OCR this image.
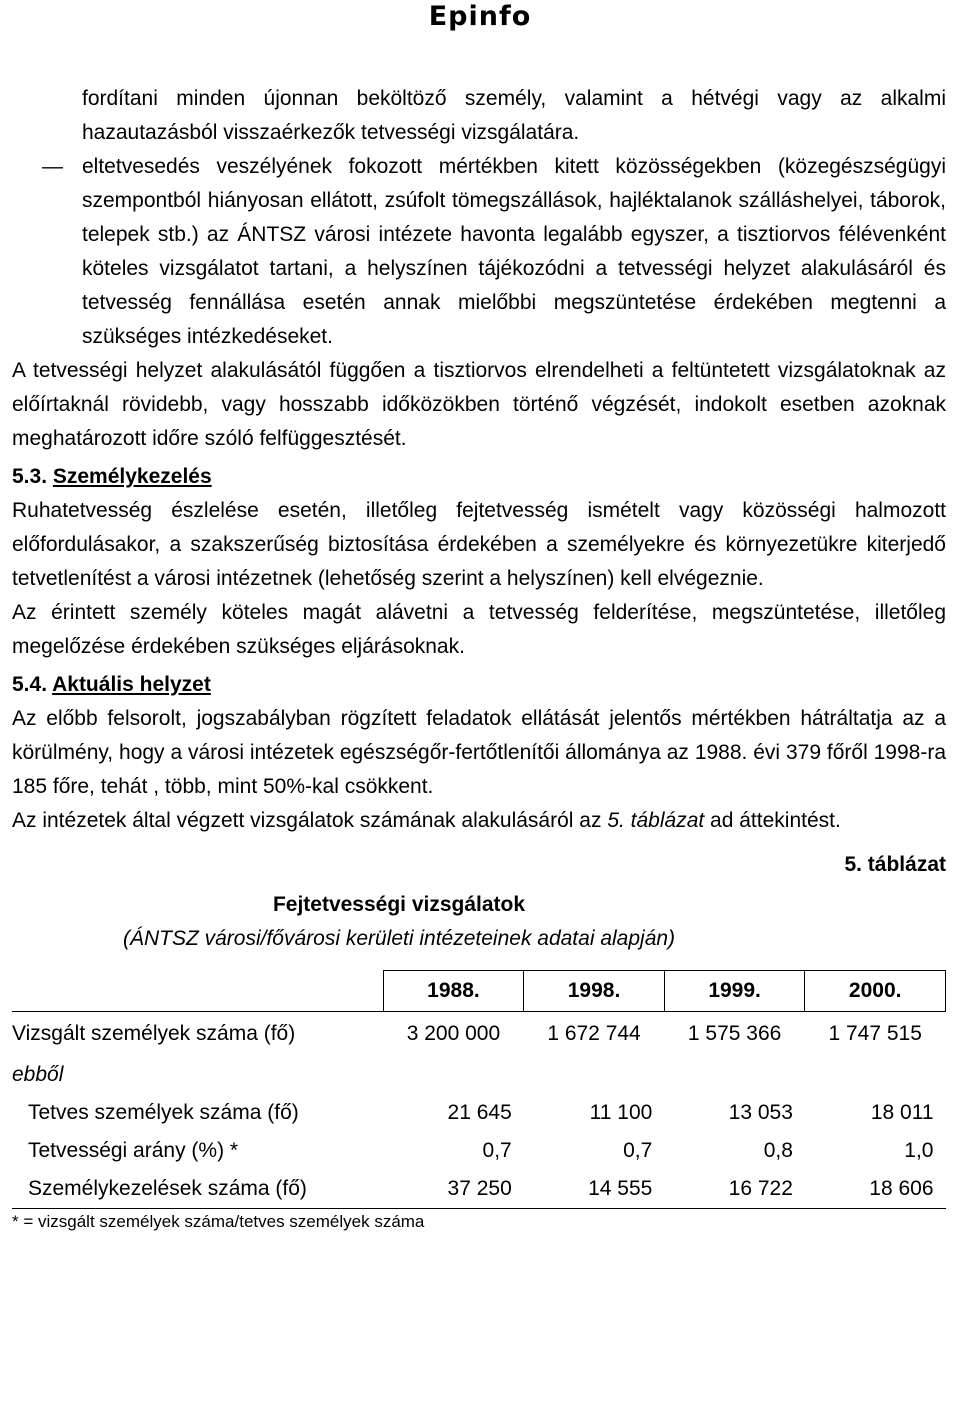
Epinfo

fordítani minden újonnan beköltöző személy, valamint a hétvégi vagy az alkalmi hazautazásból visszaérkezők tetvességi vizsgálatára.

— eltetvesedés veszélyének fokozott mértékben kitett közösségekben (közegészségügyi szempontból hiányosan ellátott, zsúfolt tömegszállások, hajléktalanok szálláshelyei, táborok, telepek stb.) az ÁNTSZ városi intézete havonta legalább egyszer, a tisztiorvos félévenként köteles vizsgálatot tartani, a helyszínen tájékozódni a tetvességi helyzet alakulásáról és tetvesség fennállása esetén annak mielőbbi megszüntetése érdekében megtenni a szükséges intézkedéseket.

A tetvességi helyzet alakulásától függően a tisztiorvos elrendelheti a feltüntetett vizsgálatoknak az előírtaknál rövidebb, vagy hosszabb időközökben történő végzését, indokolt esetben azoknak meghatározott időre szóló felfüggesztését.

5.3. Személykezelés

Ruhatetvesség észlelése esetén, illetőleg fejtetvesség ismételt vagy közösségi halmozott előfordulásakor, a szakszerűség biztosítása érdekében a személyekre és környezetükre kiterjedő tetvetlenítést a városi intézetnek (lehetőség szerint a helyszínen) kell elvégeznie.

Az érintett személy köteles magát alávetni a tetvesség felderítése, megszüntetése, illetőleg megelőzése érdekében szükséges eljárásoknak.

5.4. Aktuális helyzet

Az előbb felsorolt, jogszabályban rögzített feladatok ellátását jelentős mértékben hátráltatja az a körülmény, hogy a városi intézetek egészségőr-fertőtlenítői állománya az 1988. évi 379 főről 1998-ra 185 főre, tehát , több, mint 50%-kal csökkent.

Az intézetek által végzett vizsgálatok számának alakulásáról az 5. táblázat ad áttekintést.

5. táblázat
Fejtetvességi vizsgálatok
(ÁNTSZ városi/fővárosi kerületi intézeteinek adatai alapján)
	1988.	1998.	1999.	2000.
Vizsgált személyek száma (fő)	3 200 000	1 672 744	1 575 366	1 747 515
ebből				
Tetves személyek száma (fő)	21 645	11 100	13 053	18 011
Tetvességi arány (%) *	0,7	0,7	0,8	1,0
Személykezelések száma (fő)	37 250	14 555	16 722	18 606
* = vizsgált személyek száma/tetves személyek száma
